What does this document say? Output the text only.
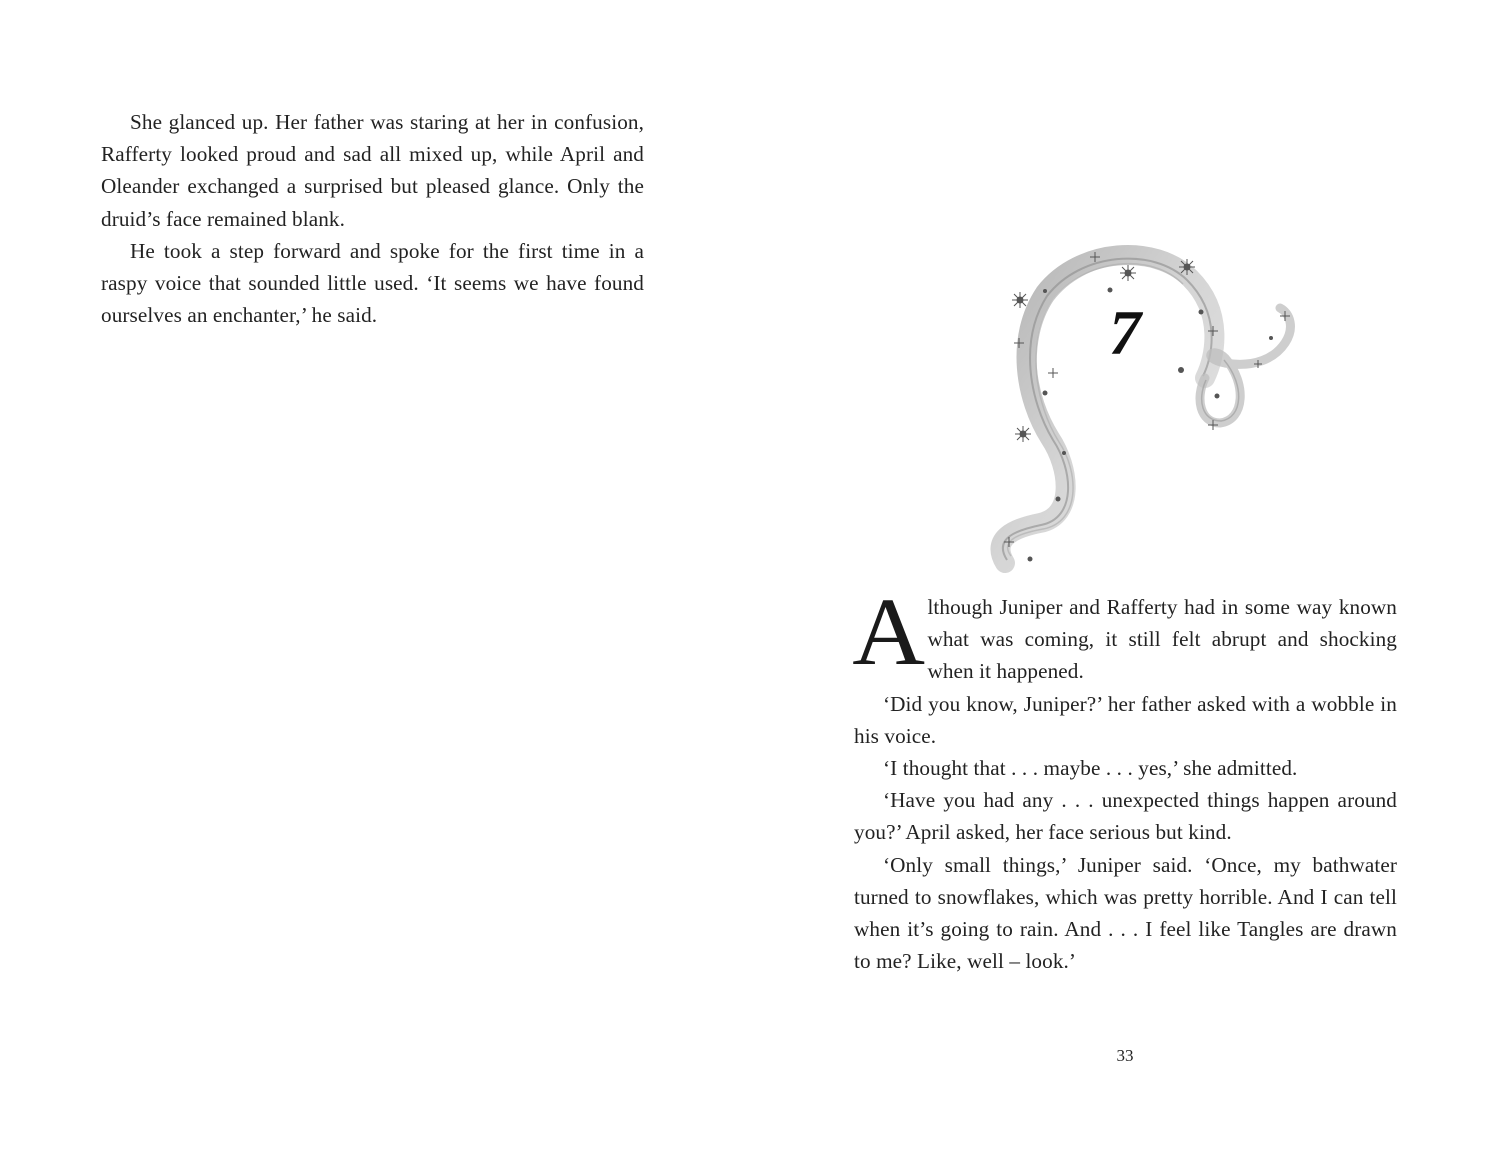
She glanced up. Her father was staring at her in confusion, Rafferty looked proud and sad all mixed up, while April and Oleander exchanged a surprised but pleased glance. Only the druid’s face remained blank.

He took a step forward and spoke for the first time in a raspy voice that sounded little used. ‘It seems we have found ourselves an enchanter,’ he said.	7

Although Juniper and Rafferty had in some way known what was coming, it still felt abrupt and shocking when it happened.

‘Did you know, Juniper?’ her father asked with a wobble in his voice.

‘I thought that . . . maybe . . . yes,’ she admitted.

‘Have you had any . . . unexpected things happen around you?’ April asked, her face serious but kind.

‘Only small things,’ Juniper said. ‘Once, my bathwater turned to snowflakes, which was pretty horrible. And I can tell when it’s going to rain. And . . . I feel like Tangles are drawn to me? Like, well – look.’

33
